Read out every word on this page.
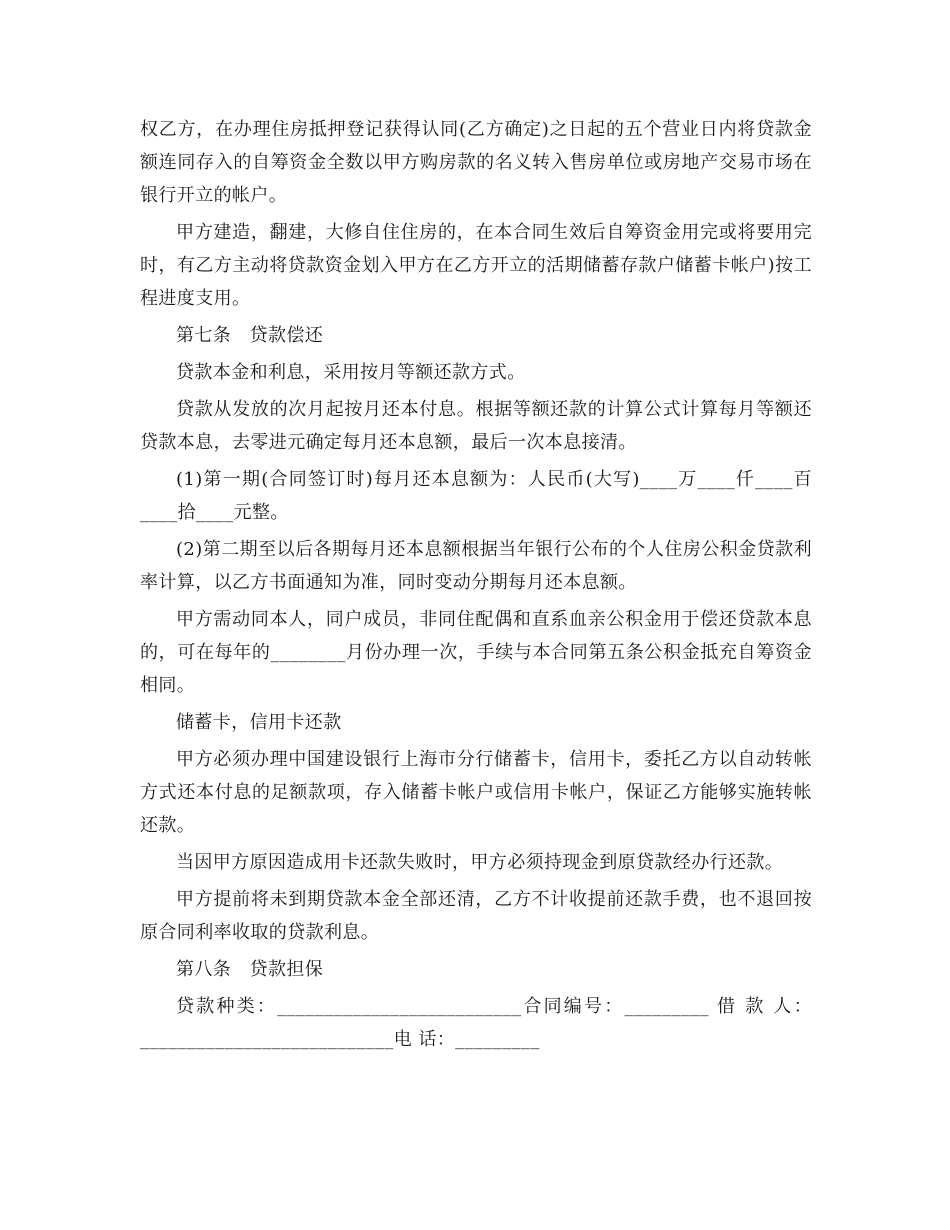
权乙方，在办理住房抵押登记获得认同(乙方确定)之日起的五个营业日内将贷款金额连同存入的自筹资金全数以甲方购房款的名义转入售房单位或房地产交易市场在银行开立的帐户。

甲方建造，翻建，大修自住住房的，在本合同生效后自筹资金用完或将要用完时，有乙方主动将贷款资金划入甲方在乙方开立的活期储蓄存款户储蓄卡帐户)按工程进度支用。

第七条　贷款偿还

贷款本金和利息，采用按月等额还款方式。

贷款从发放的次月起按月还本付息。根据等额还款的计算公式计算每月等额还贷款本息，去零进元确定每月还本息额，最后一次本息接清。

(1)第一期(合同签订时)每月还本息额为：人民币(大写)____万____仟____百____拾____元整。

(2)第二期至以后各期每月还本息额根据当年银行公布的个人住房公积金贷款利率计算，以乙方书面通知为准，同时变动分期每月还本息额。

甲方需动同本人，同户成员，非同住配偶和直系血亲公积金用于偿还贷款本息的，可在每年的________月份办理一次，手续与本合同第五条公积金抵充自筹资金相同。

储蓄卡，信用卡还款

甲方必须办理中国建设银行上海市分行储蓄卡，信用卡，委托乙方以自动转帐方式还本付息的足额款项，存入储蓄卡帐户或信用卡帐户，保证乙方能够实施转帐还款。

当因甲方原因造成用卡还款失败时，甲方必须持现金到原贷款经办行还款。

甲方提前将未到期贷款本金全部还清，乙方不计收提前还款手费，也不退回按原合同利率收取的贷款利息。

第八条　贷款担保

贷款种类：__________________________合同编号：_________ 借 款 人：___________________________电 话：_________
